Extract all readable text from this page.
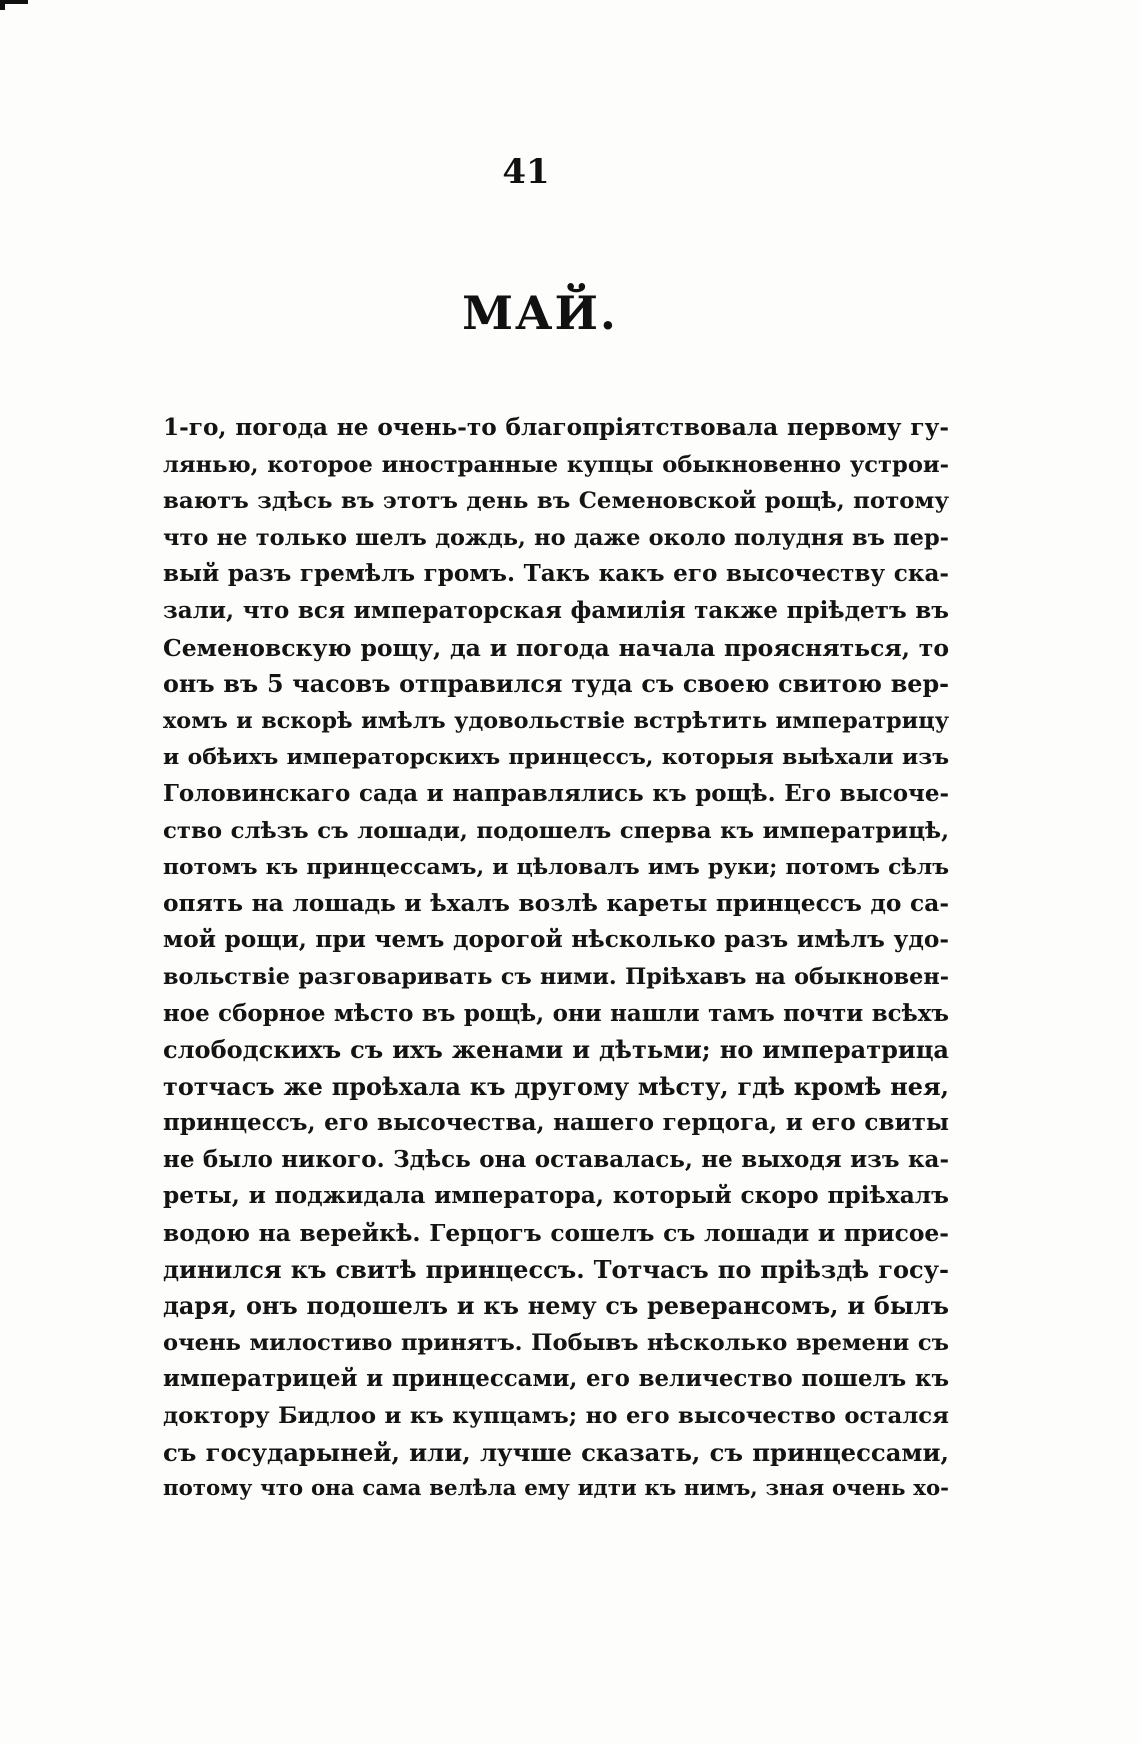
41
МАЙ.
1-го, погода не очень-то благопріятствовала первому гу-
лянью, которое иностранные купцы обыкновенно устрои-
ваютъ здѣсь въ этотъ день въ Семеновской рощѣ, потому
что не только шелъ дождь, но даже около полудня въ пер-
вый разъ гремѣлъ громъ. Такъ какъ его высочеству ска-
зали, что вся императорская фамилія также пріѣдетъ въ
Семеновскую рощу, да и погода начала проясняться, то
онъ въ 5 часовъ отправился туда съ своею свитою вер-
хомъ и вскорѣ имѣлъ удовольствіе встрѣтить императрицу
и обѣихъ императорскихъ принцессъ, которыя выѣхали изъ
Головинскаго сада и направлялись къ рощѣ. Его высоче-
ство слѣзъ съ лошади, подошелъ сперва къ императрицѣ,
потомъ къ принцессамъ, и цѣловалъ имъ руки; потомъ сѣлъ
опять на лошадь и ѣхалъ возлѣ кареты принцессъ до са-
мой рощи, при чемъ дорогой нѣсколько разъ имѣлъ удо-
вольствіе разговаривать съ ними. Пріѣхавъ на обыкновен-
ное сборное мѣсто въ рощѣ, они нашли тамъ почти всѣхъ
слободскихъ съ ихъ женами и дѣтьми; но императрица
тотчасъ же проѣхала къ другому мѣсту, гдѣ кромѣ нея,
принцессъ, его высочества, нашего герцога, и его свиты
не было никого. Здѣсь она оставалась, не выходя изъ ка-
реты, и поджидала императора, который скоро пріѣхалъ
водою на верейкѣ. Герцогъ сошелъ съ лошади и присое-
динился къ свитѣ принцессъ. Тотчасъ по пріѣздѣ госу-
даря, онъ подошелъ и къ нему съ реверансомъ, и былъ
очень милостиво принятъ. Побывъ нѣсколько времени съ
императрицей и принцессами, его величество пошелъ къ
доктору Бидлоо и къ купцамъ; но его высочество остался
съ государыней, или, лучше сказать, съ принцессами,
потому что она сама велѣла ему идти къ нимъ, зная очень хо-
